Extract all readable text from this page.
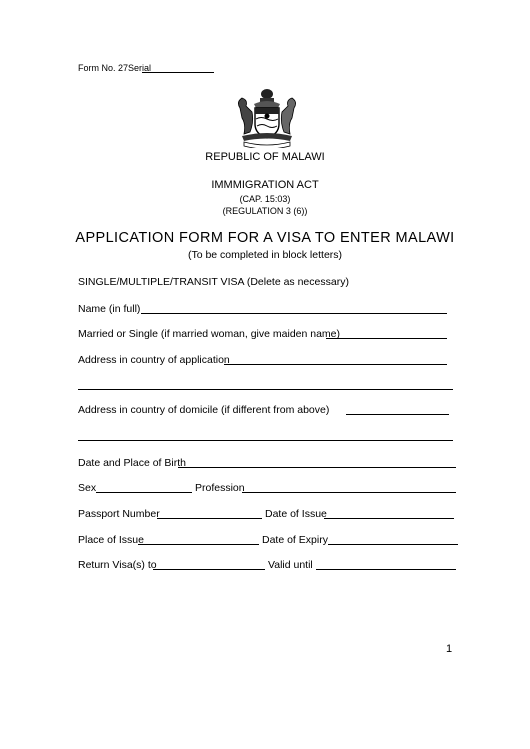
Form No. 27Serial
REPUBLIC OF MALAWI
IMMMIGRATION ACT
(CAP. 15:03)
(REGULATION 3 (6))
APPLICATION FORM FOR A VISA TO ENTER MALAWI
(To be completed in block letters)
SINGLE/MULTIPLE/TRANSIT VISA (Delete as necessary)
Name (in full)
Married or Single (if married woman, give maiden name)
Address in country of application
Address in country of domicile (if different from above)
Date and Place of Birth
Sex	Profession
Passport Number	Date of Issue
Place of Issue	Date of Expiry
Return Visa(s) to	Valid until
1
